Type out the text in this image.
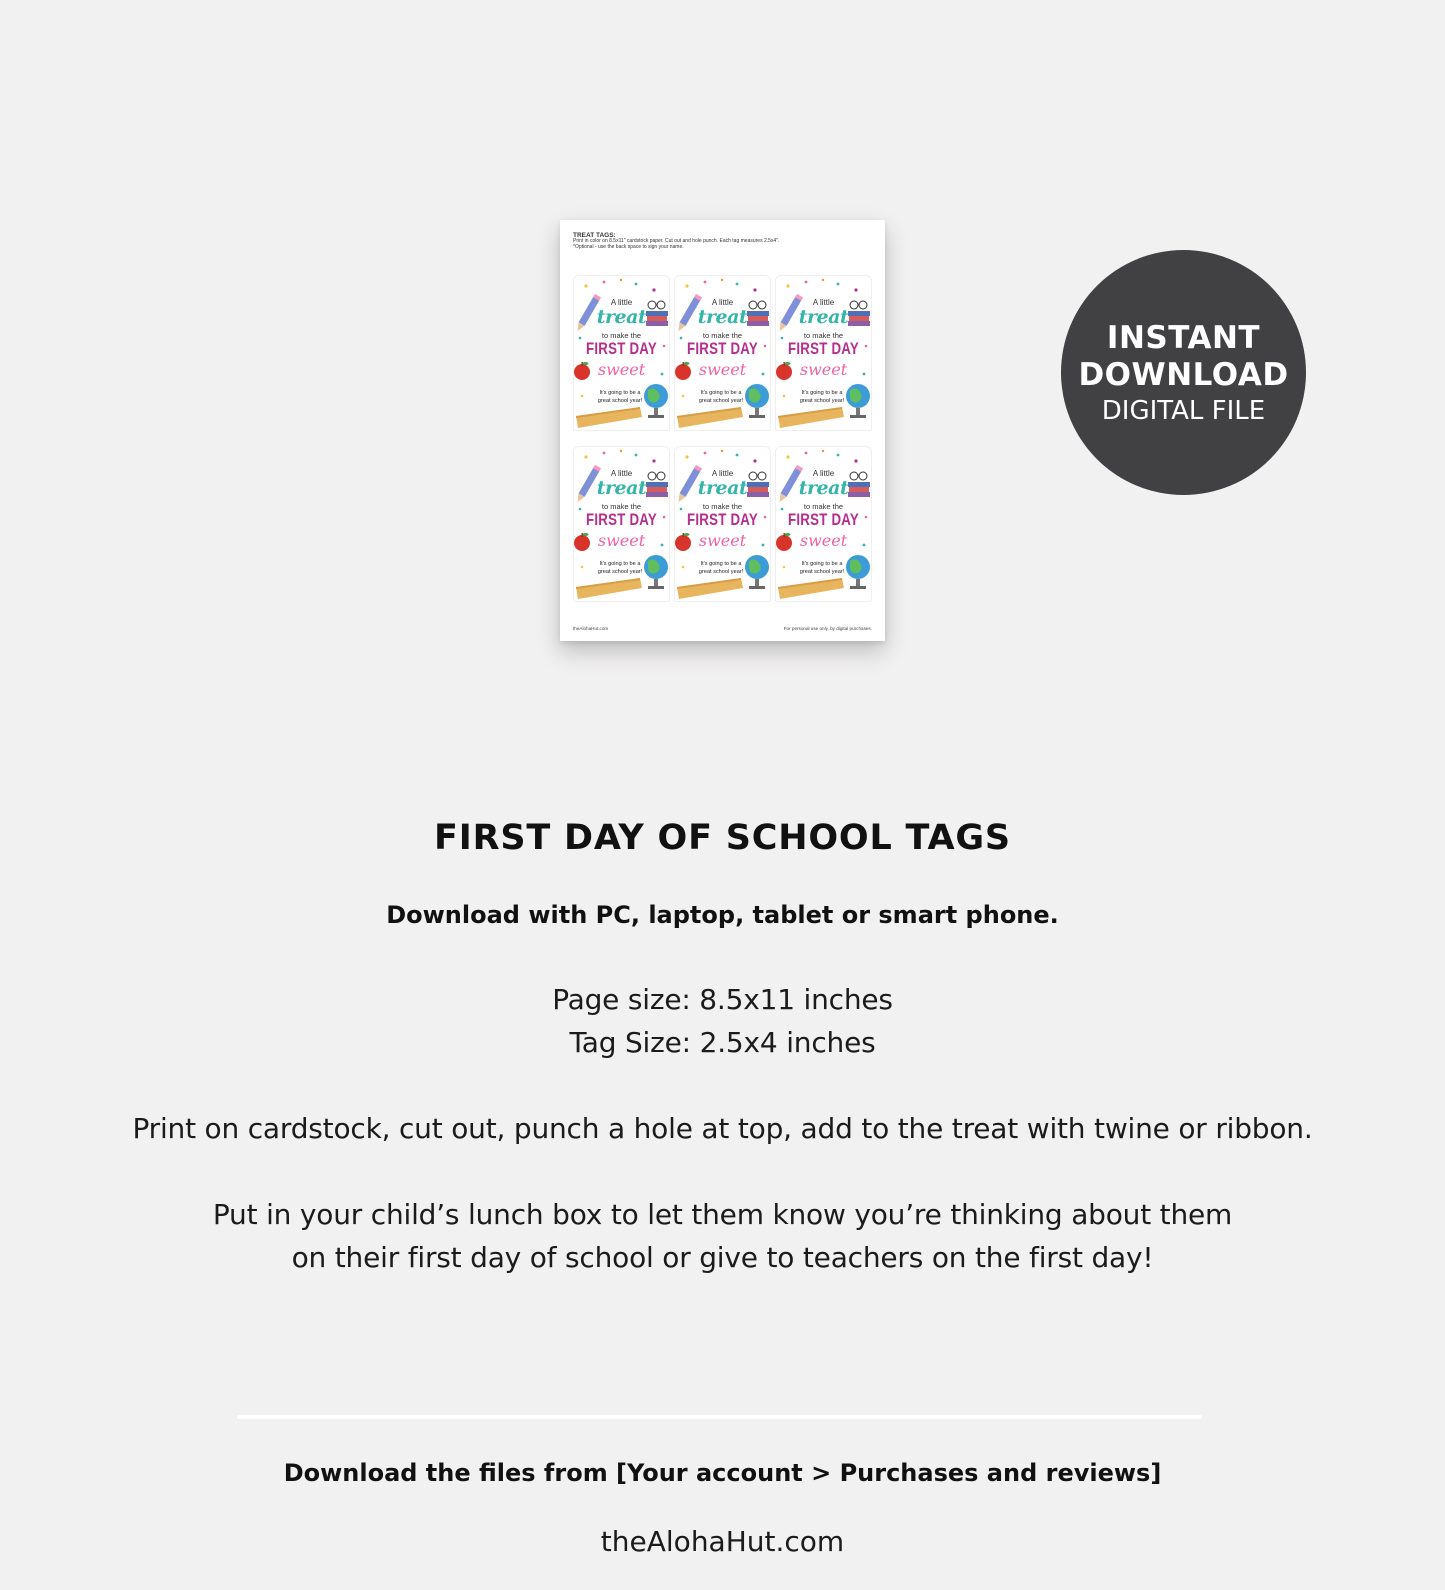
TREAT TAGS:
Print in color on 8.5x11" cardstock paper. Cut out and hole punch. Each tag measures 2.5x4".
*Optional - use the back space to sign your name.
A little
treat
to make the
FIRST DAY
sweet
It's going to be a
great school year!
A little
treat
to make the
FIRST DAY
sweet
It's going to be a
great school year!
A little
treat
to make the
FIRST DAY
sweet
It's going to be a
great school year!
A little
treat
to make the
FIRST DAY
sweet
It's going to be a
great school year!
A little
treat
to make the
FIRST DAY
sweet
It's going to be a
great school year!
A little
treat
to make the
FIRST DAY
sweet
It's going to be a
great school year!
theAlohaHut.com	For personal use only, by digital purchases.
INSTANT
DOWNLOAD
DIGITAL FILE
FIRST DAY OF SCHOOL TAGS
Download with PC, laptop, tablet or smart phone.
Page size: 8.5x11 inches
Tag Size: 2.5x4 inches
Print on cardstock, cut out, punch a hole at top, add to the treat with twine or ribbon.
Put in your child’s lunch box to let them know you’re thinking about them
on their first day of school or give to teachers on the first day!
Download the files from [Your account > Purchases and reviews]
theAlohaHut.com
